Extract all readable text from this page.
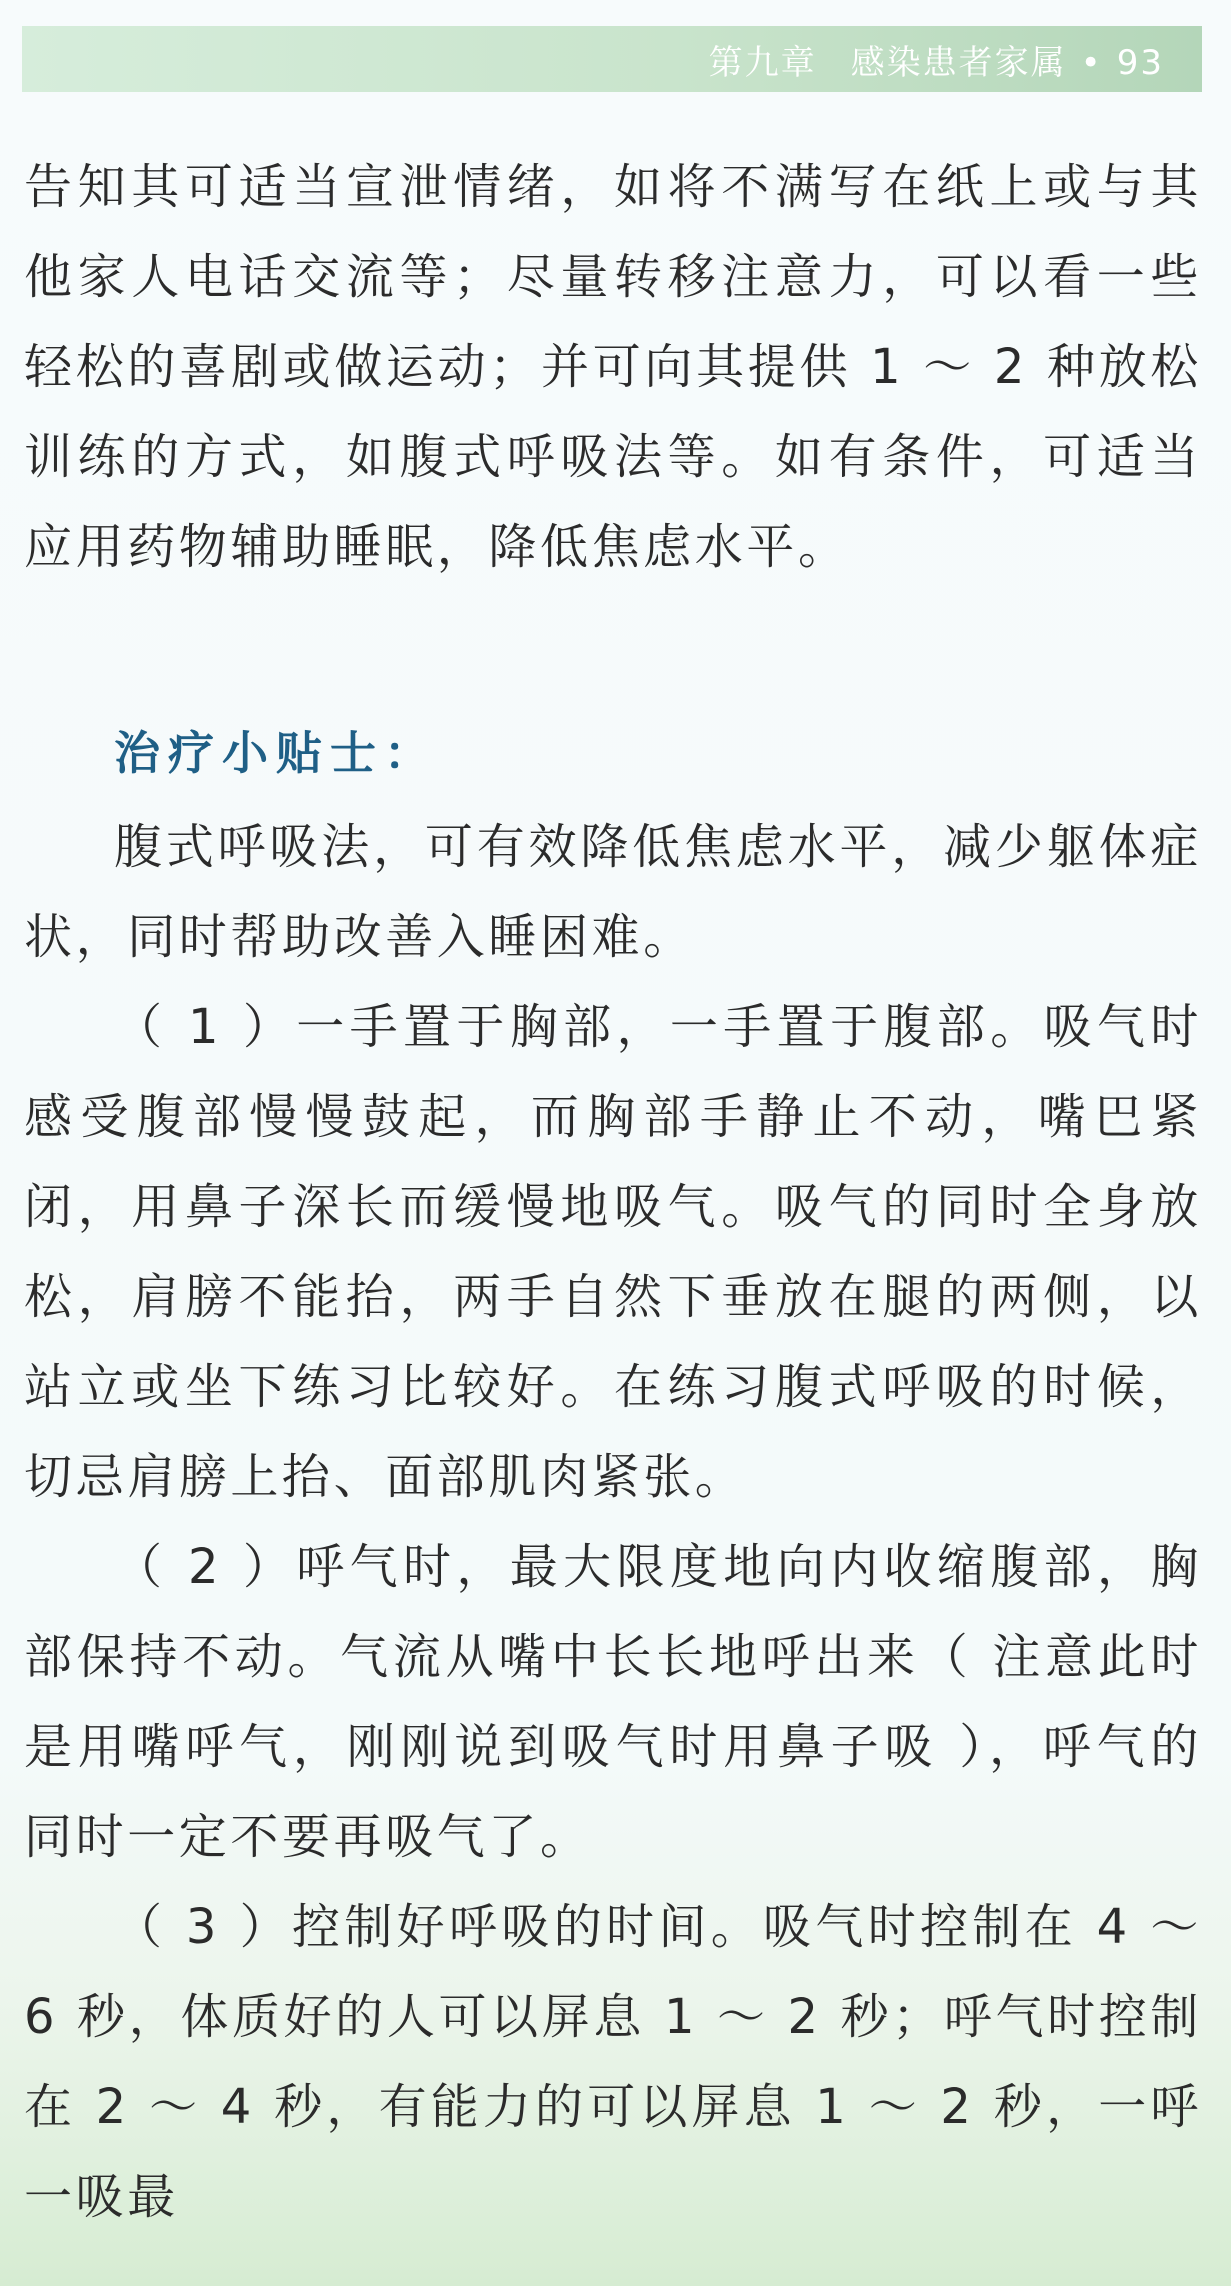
第九章 感染患者家属 • 93

告知其可适当宣泄情绪，如将不满写在纸上或与其他家人电话交流等；尽量转移注意力，可以看一些轻松的喜剧或做运动；并可向其提供 1 ～ 2 种放松训练的方式，如腹式呼吸法等。如有条件，可适当应用药物辅助睡眠，降低焦虑水平。

治疗小贴士：

腹式呼吸法，可有效降低焦虑水平，减少躯体症状，同时帮助改善入睡困难。

（ 1 ）一手置于胸部，一手置于腹部。吸气时感受腹部慢慢鼓起，而胸部手静止不动，嘴巴紧闭，用鼻子深长而缓慢地吸气。吸气的同时全身放松，肩膀不能抬，两手自然下垂放在腿的两侧，以站立或坐下练习比较好。在练习腹式呼吸的时候，切忌肩膀上抬、面部肌肉紧张。

（ 2 ）呼气时，最大限度地向内收缩腹部，胸部保持不动。气流从嘴中长长地呼出来（ 注意此时是用嘴呼气，刚刚说到吸气时用鼻子吸 ），呼气的同时一定不要再吸气了。

（ 3 ）控制好呼吸的时间。吸气时控制在 4 ～ 6 秒，体质好的人可以屏息 1 ～ 2 秒；呼气时控制在 2 ～ 4 秒，有能力的可以屏息 1 ～ 2 秒，一呼一吸最
